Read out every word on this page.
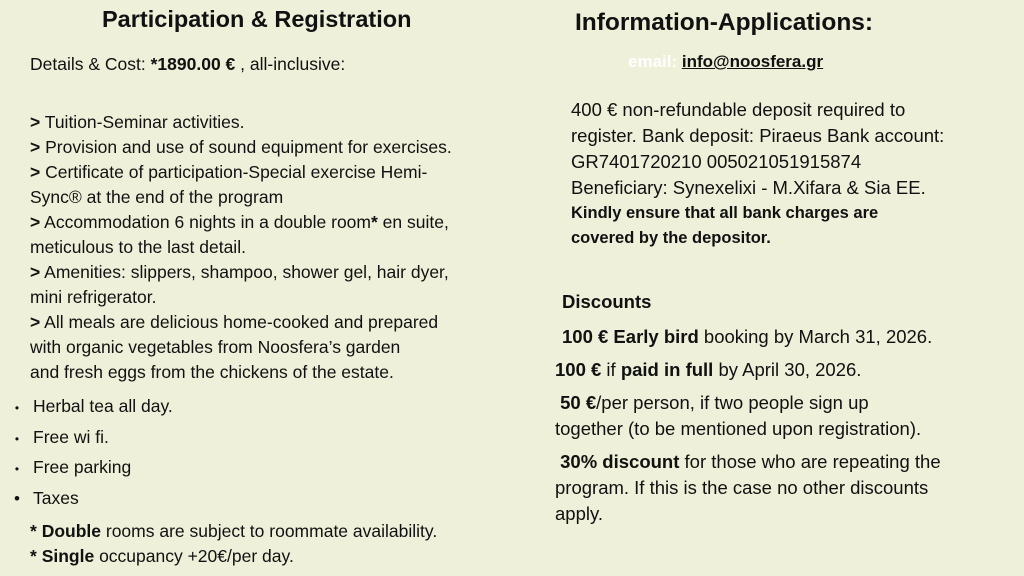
Participation & Registration
Details & Cost: *1890.00 € , all-inclusive:
> Tuition-Seminar activities.
> Provision and use of sound equipment for exercises.
> Certificate of participation-Special exercise Hemi-
Sync® at the end of the program
> Accommodation 6 nights in a double room* en suite,
meticulous to the last detail.
> Amenities: slippers, shampoo, shower gel, hair dyer,
mini refrigerator.
> All meals are delicious home-cooked and prepared
with organic vegetables from Noosfera’s garden
and fresh eggs from the chickens of the estate.
• Herbal tea all day.
• Free wi fi.
• Free parking
• Taxes
* Double rooms are subject to roommate availability.
* Single occupancy +20€/per day.
Information-Applications:
email: info@noosfera.gr
400 € non-refundable deposit required to
register. Bank deposit: Piraeus Bank account:
GR7401720210 005021051915874
Beneficiary: Synexelixi - M.Xifara & Sia EE.
Kindly ensure that all bank charges are
covered by the depositor.
Discounts
100 € Early bird booking by March 31, 2026.
100 € if paid in full by April 30, 2026.
50 €/per person, if two people sign up
together (to be mentioned upon registration).
30% discount for those who are repeating the
program. If this is the case no other discounts
apply.
